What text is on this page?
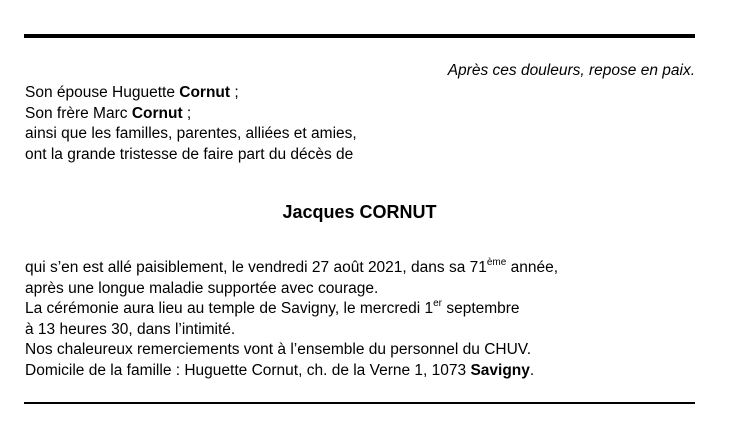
Après ces douleurs, repose en paix.
Son épouse Huguette Cornut ;
Son frère Marc Cornut ;
ainsi que les familles, parentes, alliées et amies,
ont la grande tristesse de faire part du décès de
Jacques CORNUT
qui s’en est allé paisiblement, le vendredi 27 août 2021, dans sa 71ème année,
après une longue maladie supportée avec courage.
La cérémonie aura lieu au temple de Savigny, le mercredi 1er septembre
à 13 heures 30, dans l’intimité.
Nos chaleureux remerciements vont à l’ensemble du personnel du CHUV.
Domicile de la famille : Huguette Cornut, ch. de la Verne 1, 1073 Savigny.
